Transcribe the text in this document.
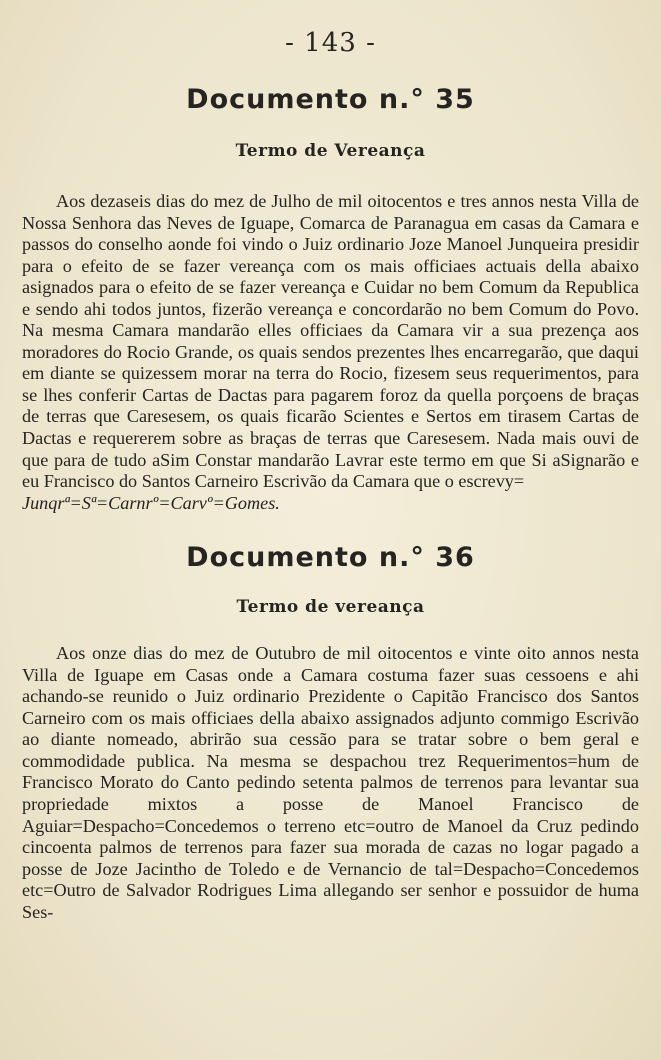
- 143 -
Documento n.° 35
Termo de Vereança

Aos dezaseis dias do mez de Julho de mil oitocentos e tres annos nesta Villa de Nossa Senhora das Neves de Iguape, Comarca de Paranagua em casas da Camara e passos do conselho aonde foi vindo o Juiz ordinario Joze Manoel Junqueira presidir para o efeito de se fazer vereança com os mais officiaes actuais della abaixo asignados para o efeito de se fazer vereança e Cuidar no bem Comum da Republica e sendo ahi todos juntos, fizerão vereança e concordarão no bem Comum do Povo. Na mesma Camara mandarão elles officiaes da Camara vir a sua prezença aos moradores do Rocio Grande, os quais sendos prezentes lhes encarregarão, que daqui em diante se quizessem morar na terra do Rocio, fizesem seus requerimentos, para se lhes conferir Cartas de Dactas para pagarem foroz da quella porçoens de braças de terras que Caresesem, os quais ficarão Scientes e Sertos em tirasem Cartas de Dactas e requererem sobre as braças de terras que Caresesem. Nada mais ouvi de que para de tudo aSim Constar mandarão Lavrar este termo em que Si aSignarão e eu Francisco do Santos Carneiro Escrivão da Camara que o escrevy=

Junqrª=Sª=Carnrº=Carvº=Gomes.

Documento n.° 36
Termo de vereança

Aos onze dias do mez de Outubro de mil oitocentos e vinte oito annos nesta Villa de Iguape em Casas onde a Camara costuma fazer suas cessoens e ahi achando-se reunido o Juiz ordinario Prezidente o Capitão Francisco dos Santos Carneiro com os mais officiaes della abaixo assignados adjunto commigo Escrivão ao diante nomeado, abrirão sua cessão para se tratar sobre o bem geral e commodidade publica. Na mesma se despachou trez Requerimentos=hum de Francisco Morato do Canto pedindo setenta palmos de terrenos para levantar sua propriedade mixtos a posse de Manoel Francisco de Aguiar=Despacho=Concedemos o terreno etc=outro de Manoel da Cruz pedindo cincoenta palmos de terrenos para fazer sua morada de cazas no logar pagado a posse de Joze Jacintho de Toledo e de Vernancio de tal=Despacho=Concedemos etc=Outro de Salvador Rodrigues Lima allegando ser senhor e possuidor de huma Ses-
